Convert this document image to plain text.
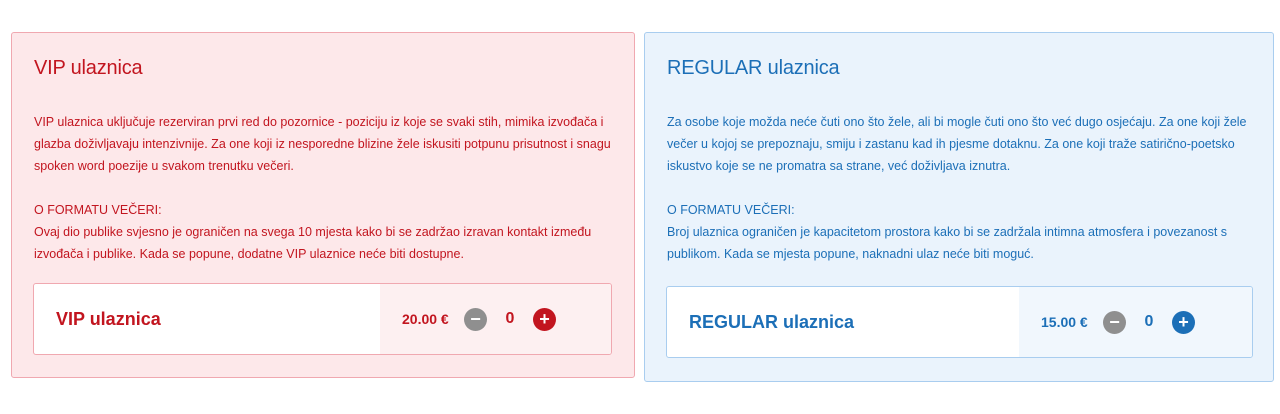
VIP ulaznica

VIP ulaznica uključuje rezerviran prvi red do pozornice - poziciju iz koje se svaki stih, mimika izvođača i glazba doživljavaju intenzivnije. Za one koji iz nesporedne blizine žele iskusiti potpunu prisutnost i snagu spoken word poezije u svakom trenutku večeri.

O FORMATU VEČERI:

Ovaj dio publike svjesno je ograničen na svega 10 mjesta kako bi se zadržao izravan kontakt između izvođača i publike. Kada se popune, dodatne VIP ulaznice neće biti dostupne.

VIP ulaznica	20.00 €	−	0	+
REGULAR ulaznica

Za osobe koje možda neće čuti ono što žele, ali bi mogle čuti ono što već dugo osjećaju. Za one koji žele večer u kojoj se prepoznaju, smiju i zastanu kad ih pjesme dotaknu. Za one koji traže satirično-poetsko iskustvo koje se ne promatra sa strane, već doživljava iznutra.

O FORMATU VEČERI:

Broj ulaznica ograničen je kapacitetom prostora kako bi se zadržala intimna atmosfera i povezanost s publikom. Kada se mjesta popune, naknadni ulaz neće biti moguć.

REGULAR ulaznica	15.00 €	−	0	+
